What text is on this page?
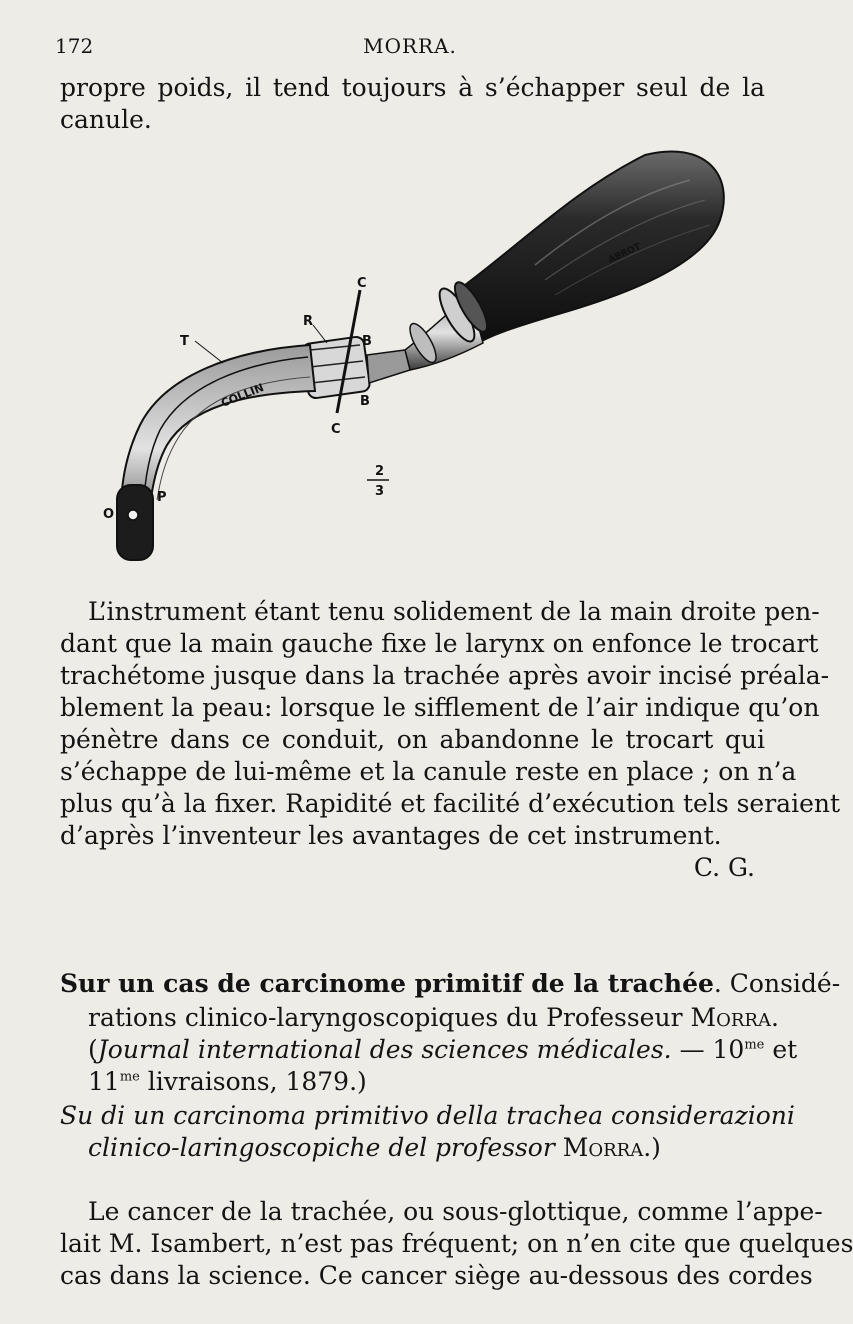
172	MORRA.
propre poids, il tend toujours à s’échapper seul de la
canule.
T
R
C
B
B
C
P
O
COLLIN
ABROT
2
3
L’instrument étant tenu solidement de la main droite pen-
dant que la main gauche fixe le larynx on enfonce le trocart
trachétome jusque dans la trachée après avoir incisé préala-
blement la peau: lorsque le sifflement de l’air indique qu’on
pénètre dans ce conduit, on abandonne le trocart qui
s’échappe de lui-même et la canule reste en place ; on n’a
plus qu’à la fixer. Rapidité et facilité d’exécution tels seraient
d’après l’inventeur les avantages de cet instrument.
C. G.
Sur un cas de carcinome primitif de la trachée. Considé-
rations clinico-laryngoscopiques du Professeur Morra.
(Journal international des sciences médicales. — $10^{me}$ et
$11^{me}$ livraisons, 1879.)
Su di un carcinoma primitivo della trachea considerazioni
clinico-laringoscopiche del professor Morra.)
Le cancer de la trachée, ou sous-glottique, comme l’appe-
lait M. Isambert, n’est pas fréquent; on n’en cite que quelques
cas dans la science. Ce cancer siège au-dessous des cordes
